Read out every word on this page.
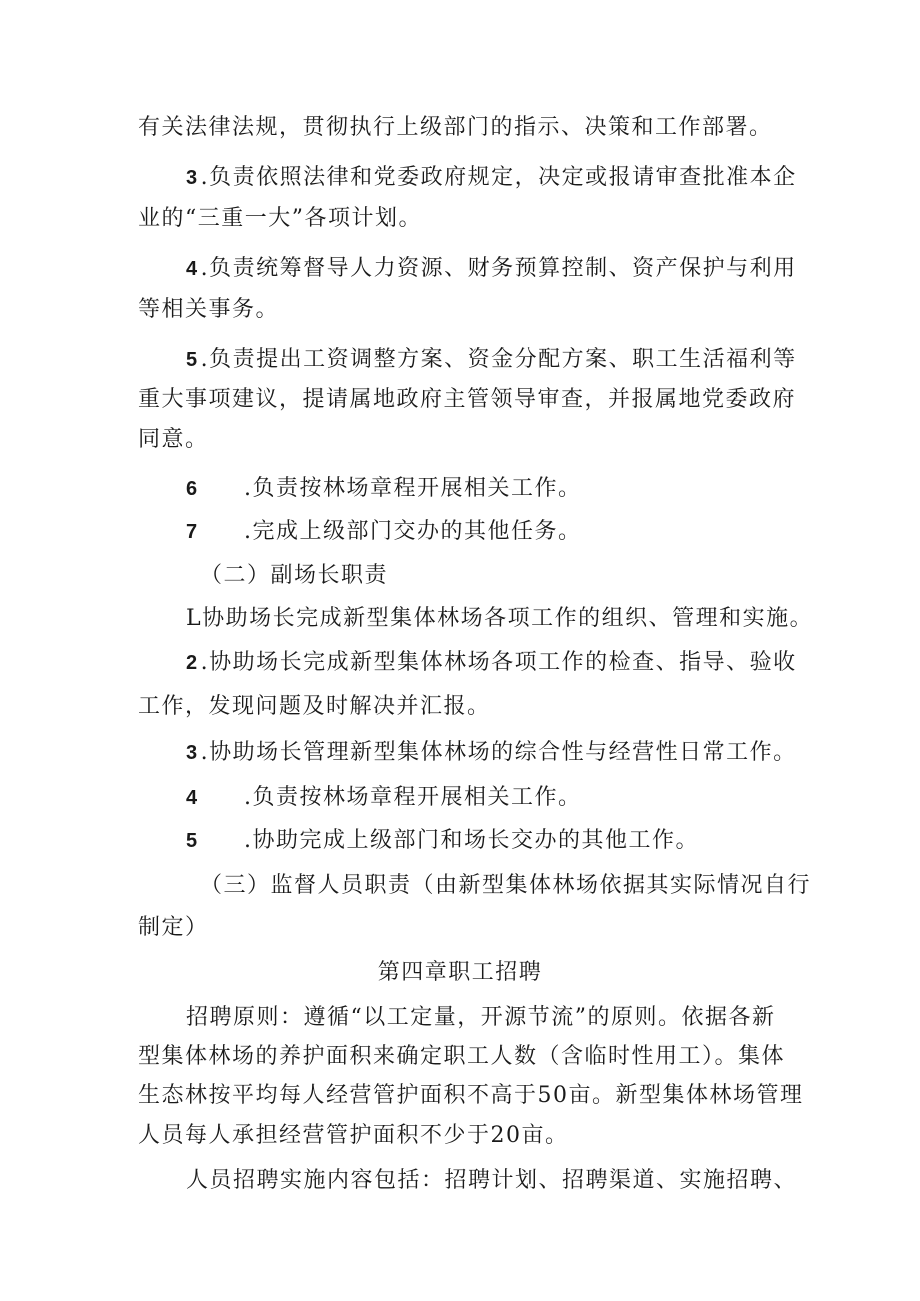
有关法律法规，贯彻执行上级部门的指示、决策和工作部署。
3.负责依照法律和党委政府规定，决定或报请审查批准本企
业的“三重一大”各项计划。
4.负责统筹督导人力资源、财务预算控制、资产保护与利用
等相关事务。
5.负责提出工资调整方案、资金分配方案、职工生活福利等
重大事项建议，提请属地政府主管领导审查，并报属地党委政府
同意。
6 .负责按林场章程开展相关工作。
7 .完成上级部门交办的其他任务。
（二）副场长职责
L协助场长完成新型集体林场各项工作的组织、管理和实施。
2.协助场长完成新型集体林场各项工作的检查、指导、验收
工作，发现问题及时解决并汇报。
3.协助场长管理新型集体林场的综合性与经营性日常工作。
4 .负责按林场章程开展相关工作。
5 .协助完成上级部门和场长交办的其他工作。
（三）监督人员职责（由新型集体林场依据其实际情况自行
制定）
第四章职工招聘
招聘原则：遵循“以工定量，开源节流”的原则。依据各新
型集体林场的养护面积来确定职工人数（含临时性用工）。集体
生态林按平均每人经营管护面积不高于50亩。新型集体林场管理
人员每人承担经营管护面积不少于20亩。
人员招聘实施内容包括：招聘计划、招聘渠道、实施招聘、
